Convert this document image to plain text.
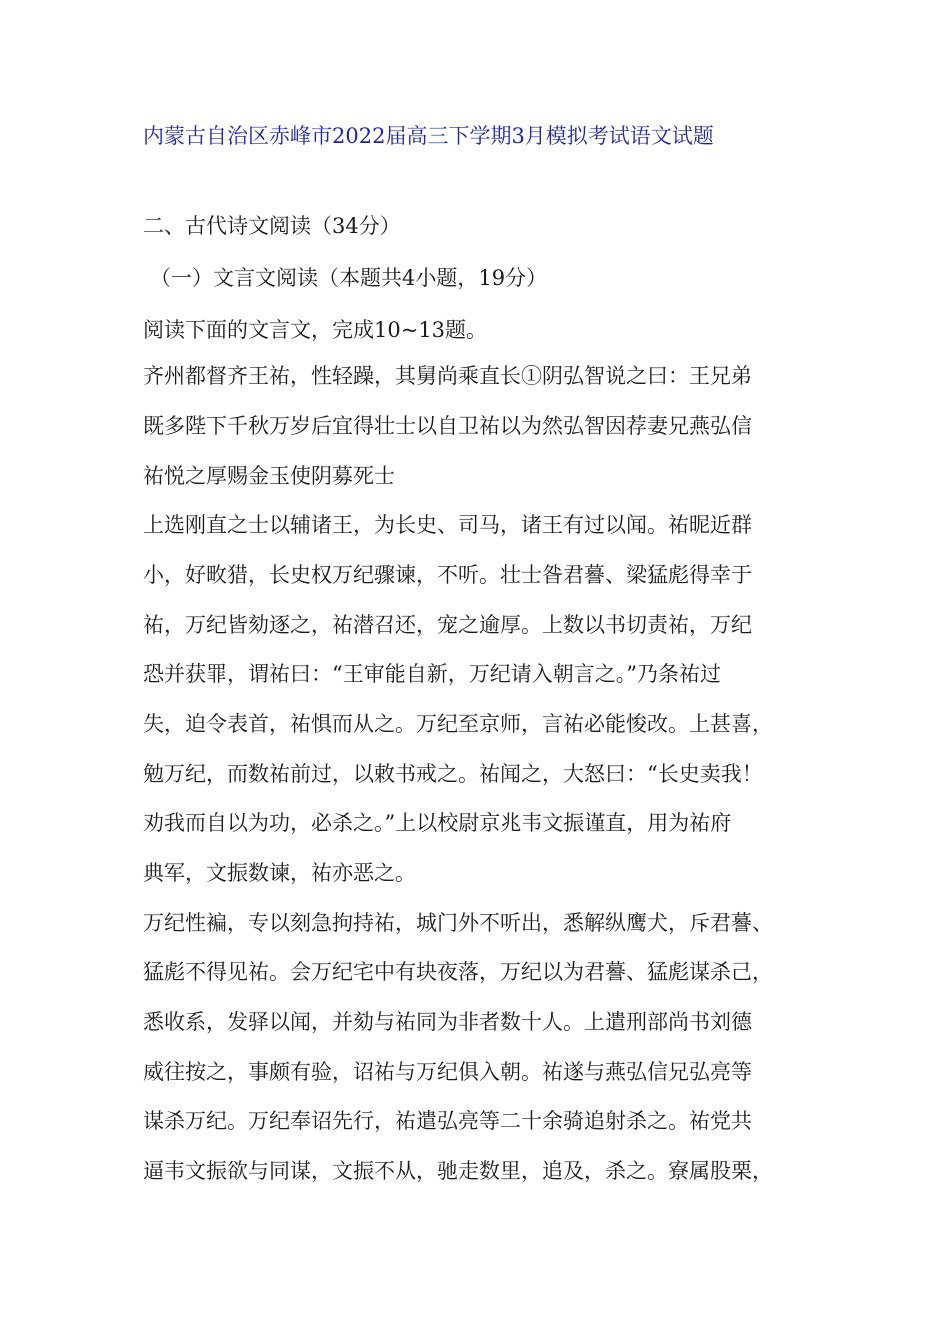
内蒙古自治区赤峰市2022届高三下学期3月模拟考试语文试题
二、古代诗文阅读（34分）
（一）文言文阅读（本题共4小题，19分）
阅读下面的文言文，完成10~13题。
齐州都督齐王祐，性轻躁，其舅尚乘直长①阴弘智说之曰：王兄弟
既多陛下千秋万岁后宜得壮士以自卫祐以为然弘智因荐妻兄燕弘信
祐悦之厚赐金玉使阴募死士
上选刚直之士以辅诸王，为长史、司马，诸王有过以闻。祐昵近群
小，好畋猎，长史权万纪骤谏，不听。壮士昝君謩、梁猛彪得幸于
祐，万纪皆劾逐之，祐潜召还，宠之逾厚。上数以书切责祐，万纪
恐并获罪，谓祐曰：“王审能自新，万纪请入朝言之。”乃条祐过
失，迫令表首，祐惧而从之。万纪至京师，言祐必能悛改。上甚喜，
勉万纪，而数祐前过，以敕书戒之。祐闻之，大怒曰：“长史卖我！
劝我而自以为功，必杀之。”上以校尉京兆韦文振谨直，用为祐府
典军，文振数谏，祐亦恶之。
万纪性褊，专以刻急拘持祐，城门外不听出，悉解纵鹰犬，斥君謩、
猛彪不得见祐。会万纪宅中有块夜落，万纪以为君謩、猛彪谋杀己，
悉收系，发驿以闻，并劾与祐同为非者数十人。上遣刑部尚书刘德
威往按之，事颇有验，诏祐与万纪俱入朝。祐遂与燕弘信兄弘亮等
谋杀万纪。万纪奉诏先行，祐遣弘亮等二十余骑追射杀之。祐党共
逼韦文振欲与同谋，文振不从，驰走数里，追及，杀之。寮属股栗，
